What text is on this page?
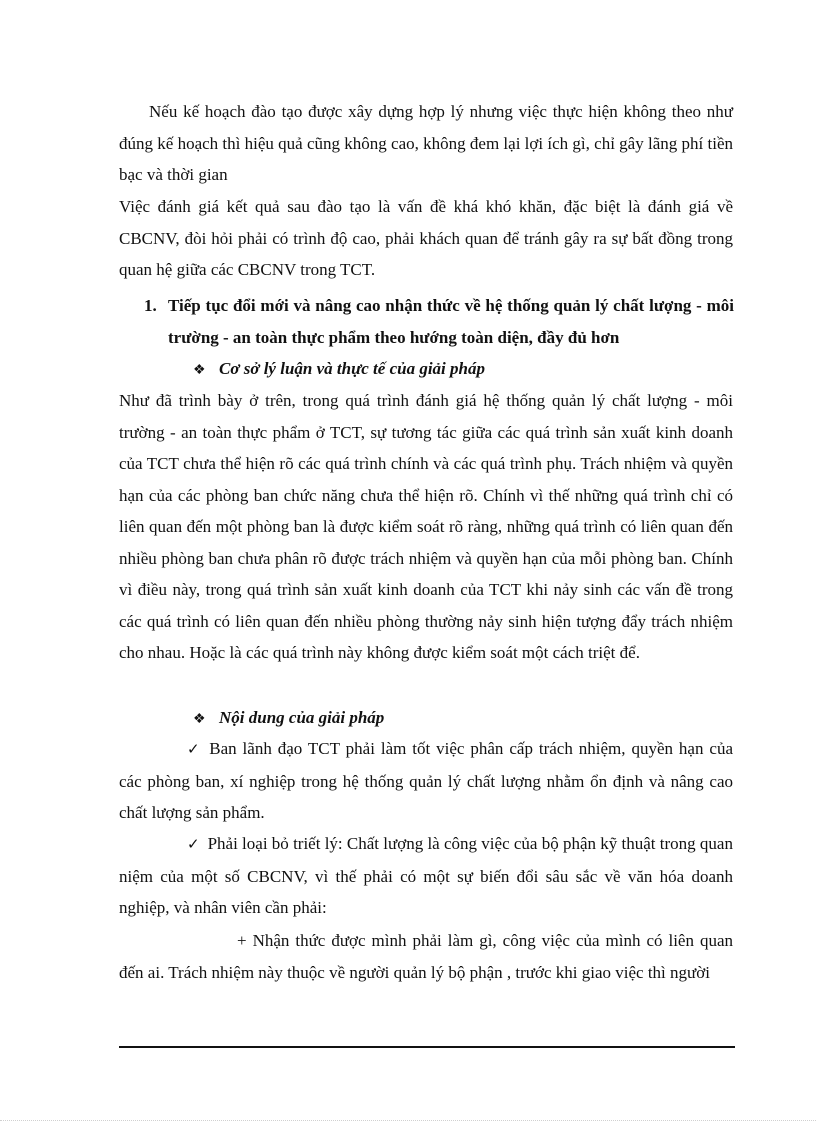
Nếu kế hoạch đào tạo được xây dựng hợp lý nhưng việc thực hiện không theo như đúng kế hoạch thì hiệu quả cũng không cao, không đem lại lợi ích gì, chỉ gây lãng phí tiền bạc và thời gian
Việc đánh giá kết quả sau đào tạo là vấn đề khá khó khăn, đặc biệt là đánh giá về CBCNV, đòi hỏi phải có trình độ cao, phải khách quan để tránh gây ra sự bất đồng trong quan hệ giữa các CBCNV trong TCT.
1. Tiếp tục đổi mới và nâng cao nhận thức về hệ thống quản lý chất lượng - môi trường - an toàn thực phẩm theo hướng toàn diện, đầy đủ hơn
❖ Cơ sở lý luận và thực tế của giải pháp
Như đã trình bày ở trên, trong quá trình đánh giá hệ thống quản lý chất lượng - môi trường - an toàn thực phẩm ở TCT, sự tương tác giữa các quá trình sản xuất kinh doanh của TCT chưa thể hiện rõ các quá trình chính và các quá trình phụ. Trách nhiệm và quyền hạn của các phòng ban chức năng chưa thể hiện rõ. Chính vì thế những quá trình chỉ có liên quan đến một phòng ban là được kiểm soát rõ ràng, những quá trình có liên quan đến nhiều phòng ban chưa phân rõ được trách nhiệm và quyền hạn của mỗi phòng ban. Chính vì điều này, trong quá trình sản xuất kinh doanh của TCT khi nảy sinh các vấn đề trong các quá trình có liên quan đến nhiều phòng thường nảy sinh hiện tượng đẩy trách nhiệm cho nhau. Hoặc là các quá trình này không được kiểm soát một cách triệt để.
❖ Nội dung của giải pháp
✓ Ban lãnh đạo TCT phải làm tốt việc phân cấp trách nhiệm, quyền hạn của các phòng ban, xí nghiệp trong hệ thống quản lý chất lượng nhằm ổn định và nâng cao chất lượng sản phẩm.
✓ Phải loại bỏ triết lý: Chất lượng là công việc của bộ phận kỹ thuật trong quan niệm của một số CBCNV, vì thế phải có một sự biến đổi sâu sắc về văn hóa doanh nghiệp, và nhân viên cần phải:
+ Nhận thức được mình phải làm gì, công việc của mình có liên quan đến ai. Trách nhiệm này thuộc về người quản lý bộ phận , trước khi giao việc thì người
